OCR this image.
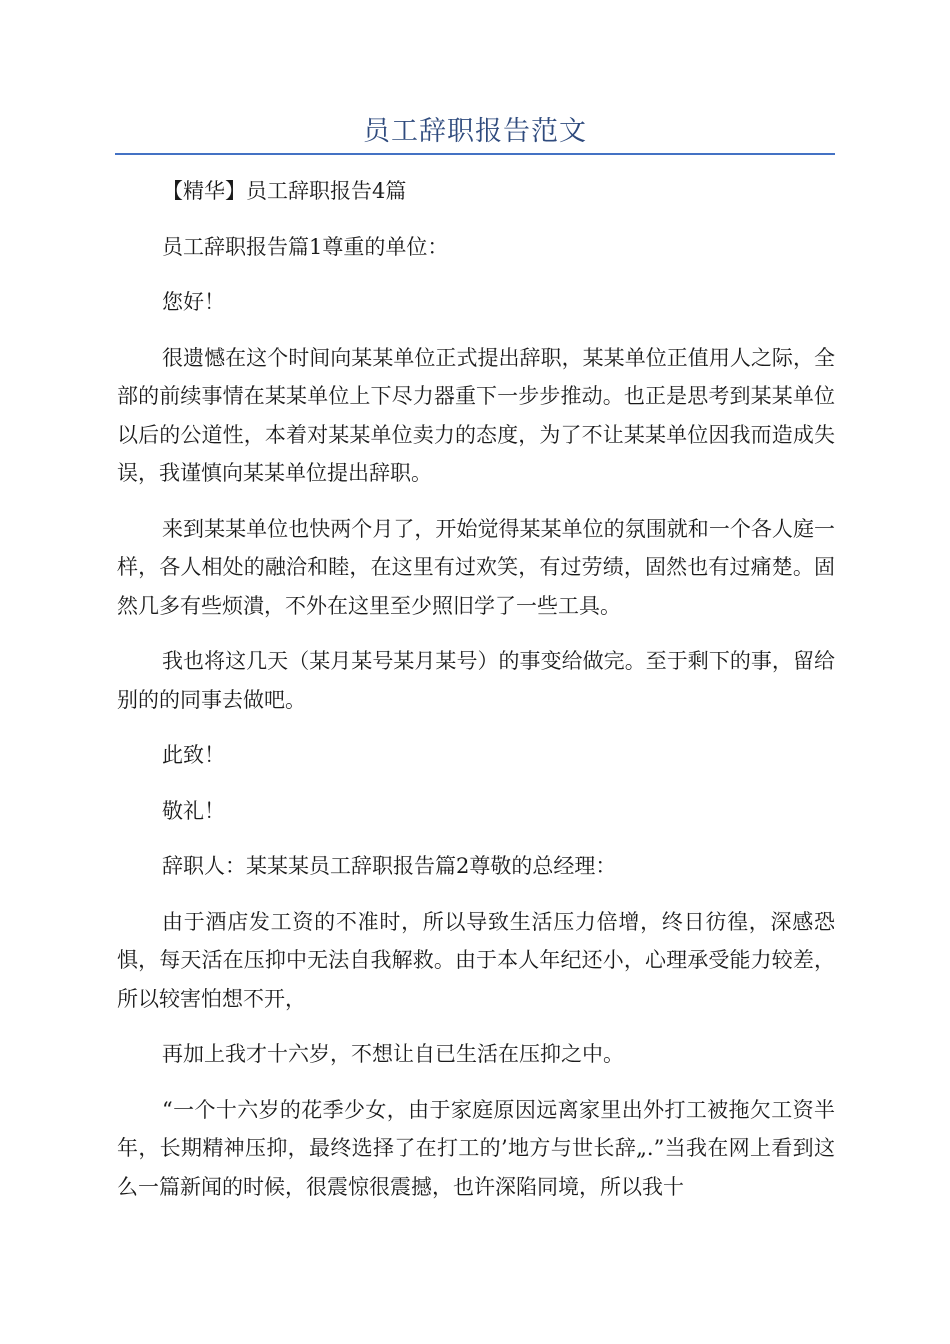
员工辞职报告范文

【精华】员工辞职报告4篇

员工辞职报告篇1尊重的单位：

您好！

很遗憾在这个时间向某某单位正式提出辞职，某某单位正值用人之际，全部的前续事情在某某单位上下尽力器重下一步步推动。也正是思考到某某单位以后的公道性，本着对某某单位卖力的态度，为了不让某某单位因我而造成失误，我谨慎向某某单位提出辞职。

来到某某单位也快两个月了，开始觉得某某单位的氛围就和一个各人庭一样，各人相处的融洽和睦，在这里有过欢笑，有过劳绩，固然也有过痛楚。固然几多有些烦潰，不外在这里至少照旧学了一些工具。

我也将这几天（某月某号某月某号）的事变给做完。至于剩下的事，留给别的的同事去做吧。

此致！

敬礼！

辞职人：某某某员工辞职报告篇2尊敬的总经理：

由于酒店发工资的不准时，所以导致生活压力倍增，终日彷徨，深感恐惧，每天活在压抑中无法自我解救。由于本人年纪还小，心理承受能力较差，所以较害怕想不开，

再加上我才十六岁，不想让自已生活在压抑之中。

“一个十六岁的花季少女，由于家庭原因远离家里出外打工被拖欠工资半年，长期精神压抑，最终选择了在打工的’地方与世长辞„.”当我在网上看到这么一篇新闻的时候，很震惊很震撼，也许深陷同境，所以我十
